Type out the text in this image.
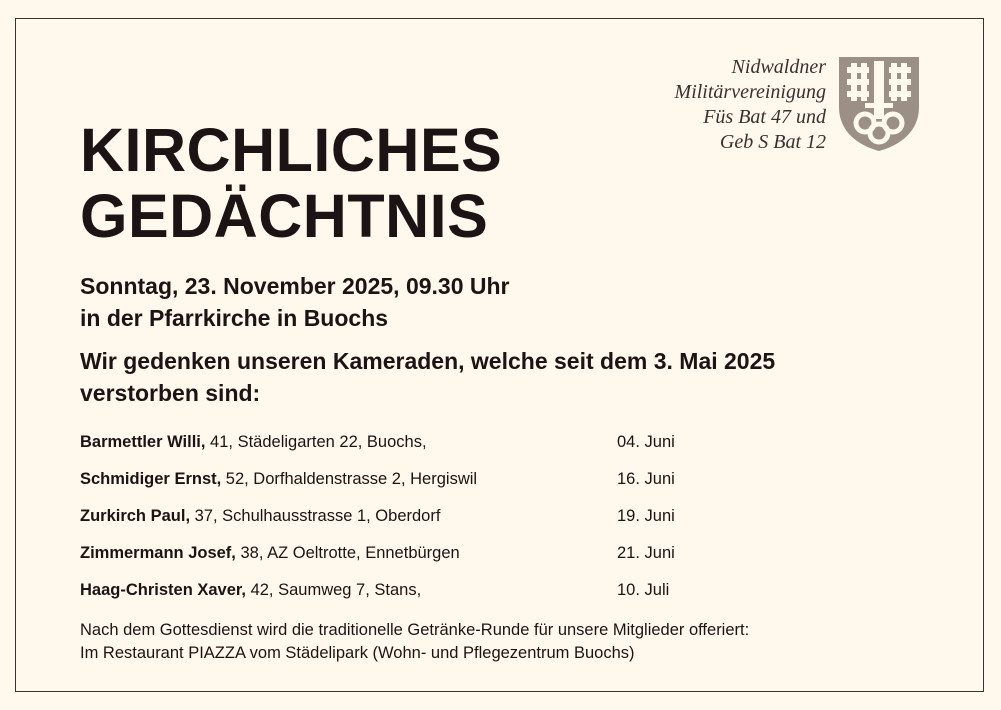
Nidwaldner
Militärvereinigung
Füs Bat 47 und
Geb S Bat 12
KIRCHLICHES
GEDÄCHTNIS
Sonntag, 23. November 2025, 09.30 Uhr
in der Pfarrkirche in Buochs
Wir gedenken unseren Kameraden, welche seit dem 3. Mai 2025
verstorben sind:
Barmettler Willi, 41, Städeligarten 22, Buochs,	04. Juni
Schmidiger Ernst, 52, Dorfhaldenstrasse 2, Hergiswil	16. Juni
Zurkirch Paul, 37, Schulhausstrasse 1, Oberdorf	19. Juni
Zimmermann Josef, 38, AZ Oeltrotte, Ennetbürgen	21. Juni
Haag-Christen Xaver, 42, Saumweg 7, Stans,	10. Juli
Nach dem Gottesdienst wird die traditionelle Getränke-Runde für unsere Mitglieder offeriert:
Im Restaurant PIAZZA vom Städelipark (Wohn- und Pflegezentrum Buochs)
